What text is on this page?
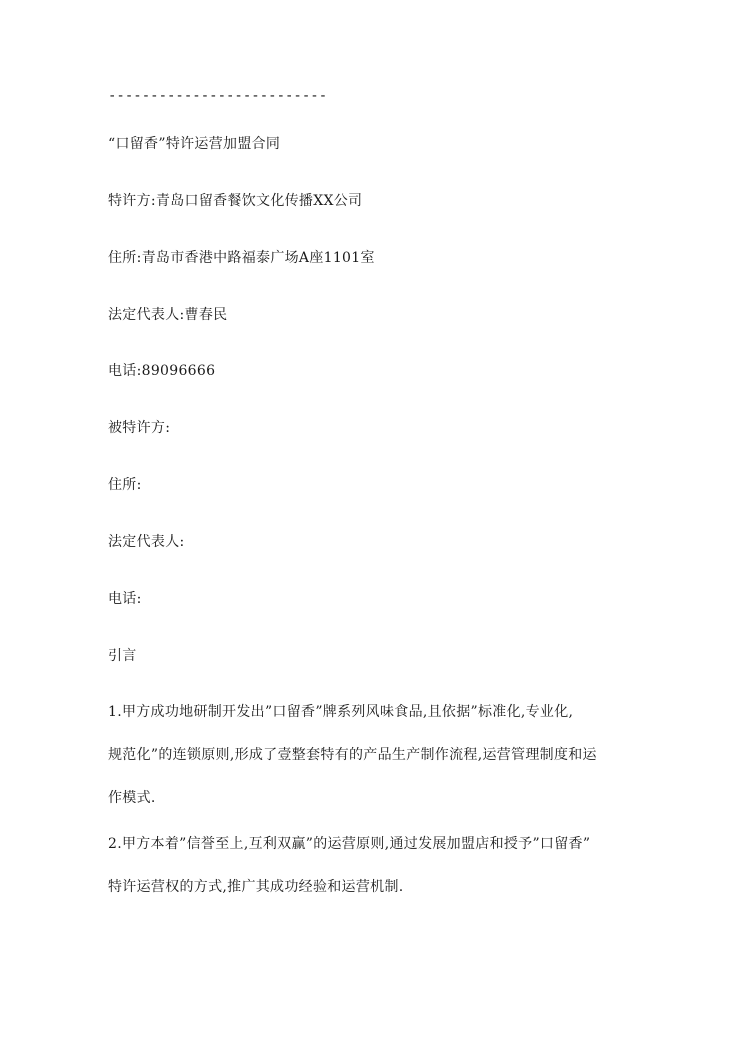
--------------------------
“口留香”特许运营加盟合同
特许方:青岛口留香餐饮文化传播XX公司
住所:青岛市香港中路福泰广场A座1101室
法定代表人:曹春民
电话:89096666
被特许方:
住所:
法定代表人:
电话:
引言
1.甲方成功地研制开发出”口留香”牌系列风味食品,且依据”标准化,专业化,
规范化”的连锁原则,形成了壹整套特有的产品生产制作流程,运营管理制度和运
作模式.
2.甲方本着”信誉至上,互利双赢”的运营原则,通过发展加盟店和授予”口留香”
特许运营权的方式,推广其成功经验和运营机制.
